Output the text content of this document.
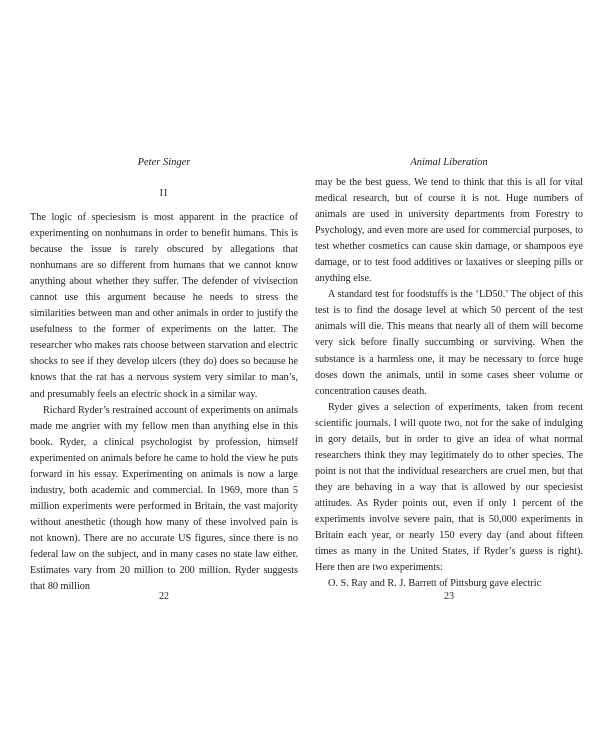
Peter Singer
II

The logic of speciesism is most apparent in the practice of experimenting on nonhumans in order to benefit humans. This is because the issue is rarely obscured by allegations that nonhumans are so different from humans that we cannot know anything about whether they suffer. The defender of vivisection cannot use this argument because he needs to stress the similarities between man and other animals in order to justify the usefulness to the former of experiments on the latter. The researcher who makes rats choose between starvation and electric shocks to see if they develop ulcers (they do) does so because he knows that the rat has a nervous system very similar to man’s, and presumably feels an electric shock in a similar way.

Richard Ryder’s restrained account of experiments on animals made me angrier with my fellow men than anything else in this book. Ryder, a clinical psychologist by profession, himself experimented on animals before he came to hold the view he puts forward in his essay. Experimenting on animals is now a large industry, both academic and commercial. In 1969, more than 5 million experiments were performed in Britain, the vast majority without anesthetic (though how many of these involved pain is not known). There are no accurate US figures, since there is no federal law on the subject, and in many cases no state law either. Estimates vary from 20 million to 200 million. Ryder suggests that 80 million

22
Animal Liberation

may be the best guess. We tend to think that this is all for vital medical research, but of course it is not. Huge numbers of animals are used in university departments from Forestry to Psychology, and even more are used for commercial purposes, to test whether cosmetics can cause skin damage, or shampoos eye damage, or to test food additives or laxatives or sleeping pills or anything else.

A standard test for foodstuffs is the ‘LD50.’ The object of this test is to find the dosage level at which 50 percent of the test animals will die. This means that nearly all of them will become very sick before finally succumbing or surviving. When the substance is a harmless one, it may be necessary to force huge doses down the animals, until in some cases sheer volume or concentration causes death.

Ryder gives a selection of experiments, taken from recent scientific journals. I will quote two, not for the sake of indulging in gory details, but in order to give an idea of what normal researchers think they may legitimately do to other species. The point is not that the individual researchers are cruel men, but that they are behaving in a way that is allowed by our speciesist attitudes. As Ryder points out, even if only 1 percent of the experiments involve severe pain, that is 50,000 experiments in Britain each year, or nearly 150 every day (and about fifteen times as many in the United States, if Ryder’s guess is right). Here then are two experiments:

O. S. Ray and R. J. Barrett of Pittsburg gave electric

23
